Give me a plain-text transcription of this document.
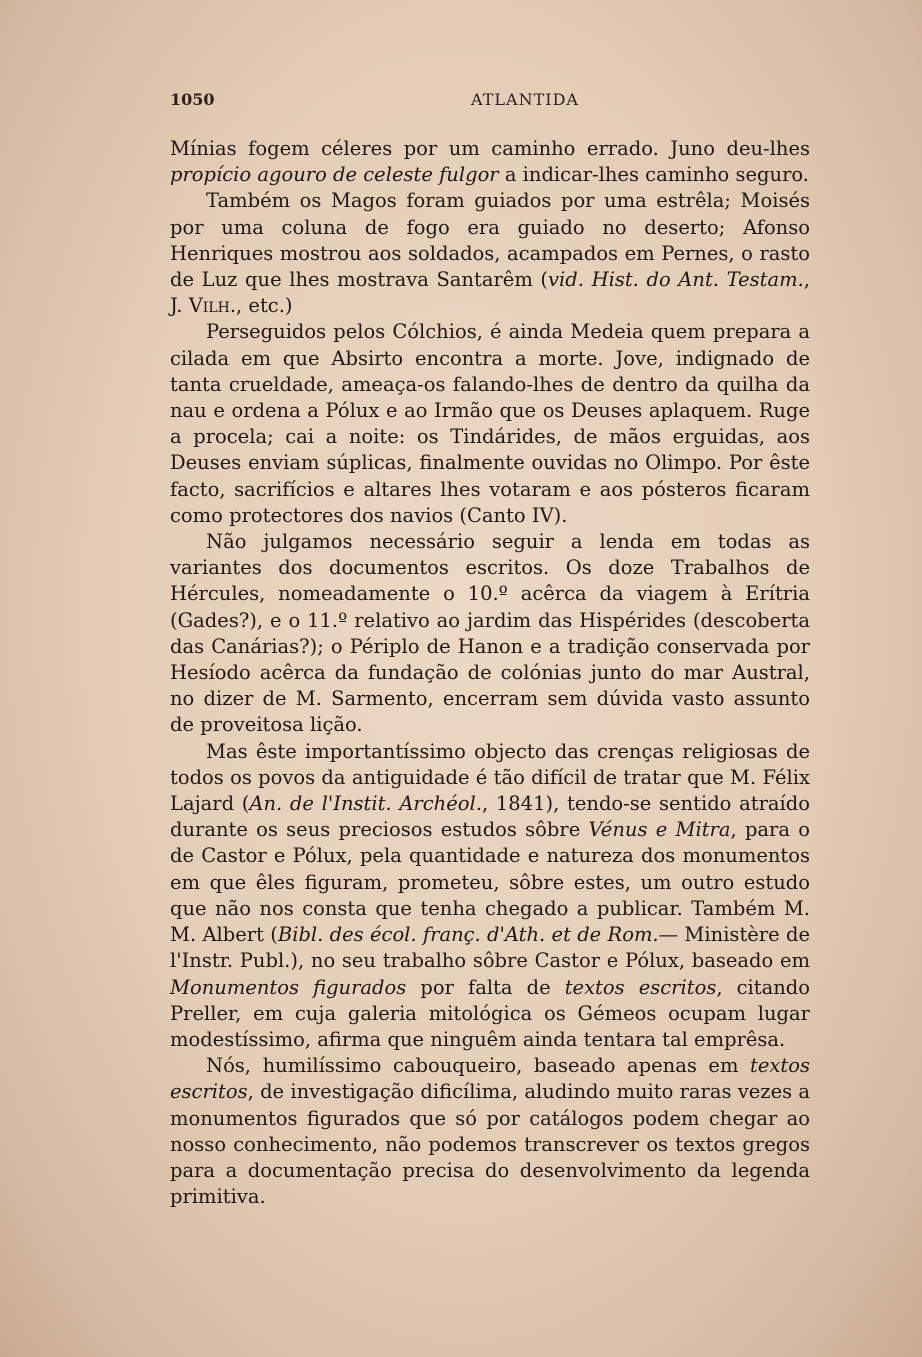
1050	ATLANTIDA

Mínias fogem céleres por um caminho errado. Juno deu-lhes propício agouro de celeste fulgor a indicar-lhes caminho seguro.

Também os Magos foram guiados por uma estrêla; Moisés por uma coluna de fogo era guiado no deserto; Afonso Henriques mostrou aos soldados, acampados em Pernes, o rasto de Luz que lhes mostrava Santarêm (vid. Hist. do Ant. Testam., J. Vilh., etc.)

Perseguidos pelos Cólchios, é ainda Medeia quem prepara a cilada em que Absirto encontra a morte. Jove, indignado de tanta crueldade, ameaça-os falando-lhes de dentro da quilha da nau e ordena a Pólux e ao Irmão que os Deuses aplaquem. Ruge a procela; cai a noite: os Tindárides, de mãos erguidas, aos Deuses enviam súplicas, finalmente ouvidas no Olimpo. Por êste facto, sacrifícios e altares lhes votaram e aos pósteros ficaram como protectores dos navios (Canto IV).

Não julgamos necessário seguir a lenda em todas as variantes dos documentos escritos. Os doze Trabalhos de Hércules, nomeadamente o 10.º acêrca da viagem à Erítria (Gades?), e o 11.º relativo ao jardim das Hispérides (descoberta das Canárias?); o Périplo de Hanon e a tradição conservada por Hesíodo acêrca da fundação de colónias junto do mar Austral, no dizer de M. Sarmento, encerram sem dúvida vasto assunto de proveitosa lição.

Mas êste importantíssimo objecto das crenças religiosas de todos os povos da antiguidade é tão difícil de tratar que M. Félix Lajard (An. de l'Instit. Archéol., 1841), tendo-se sentido atraído durante os seus preciosos estudos sôbre Vénus e Mitra, para o de Castor e Pólux, pela quantidade e natureza dos monumentos em que êles figuram, prometeu, sôbre estes, um outro estudo que não nos consta que tenha chegado a publicar. Também M. M. Albert (Bibl. des écol. franç. d'Ath. et de Rom.— Ministère de l'Instr. Publ.), no seu trabalho sôbre Castor e Pólux, baseado em Monumentos figurados por falta de textos escritos, citando Preller, em cuja galeria mitológica os Gémeos ocupam lugar modestíssimo, afirma que ninguêm ainda tentara tal emprêsa.

Nós, humilíssimo cabouqueiro, baseado apenas em textos escritos, de investigação dificílima, aludindo muito raras vezes a monumentos figurados que só por catálogos podem chegar ao nosso conhecimento, não podemos transcrever os textos gregos para a documentação precisa do desenvolvimento da legenda primitiva.
